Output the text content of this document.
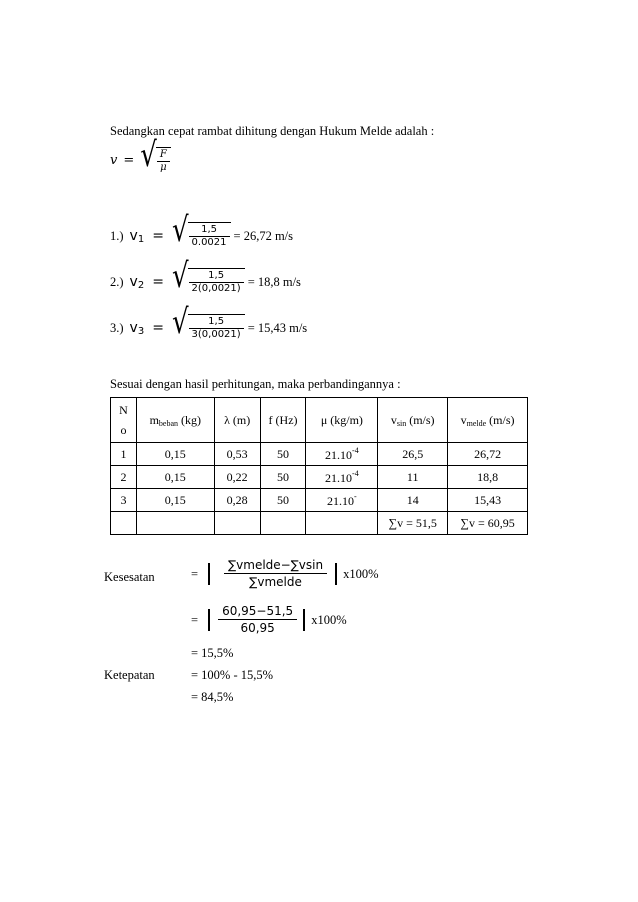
Sedangkan cepat rambat dihitung dengan Hukum Melde adalah :
v = √ $\frac{F}{\mu}$
1.) v 1 = √ $\frac{1,5}{0.0021} = 26,72$ m/s
2.) v 2 = √ $\frac{1,5}{2(0,0021)} = 18,8$ m/s
3.) v 3 = √ $\frac{1,5}{3(0,0021)} = 15,43$ m/s
Sesuai dengan hasil perhitungan, maka perbandingannya :
N
o	$m_{beban}$ (kg)	λ (m)	f (Hz)	μ (kg/m)	$v_{sin}$ (m/s)	$v_{melde}$ (m/s)
1	0,15	0,53	50	$21.10^{-4}$	26,5	26,72
2	0,15	0,22	50	$21.10^{-4}$	11	18,8
3	0,15	0,28	50	21.10-	14	15,43
					∑v = 51,5	∑v = 60,95
Kesesatan	= $\frac{\text{∑vmelde−∑vsin}}{\text{∑vmelde}} x100\%$
= $\frac{60,95-51,5}{60,95} x100\%$
= 15,5%
Ketepatan	= 100% - 15,5%
= 84,5%
